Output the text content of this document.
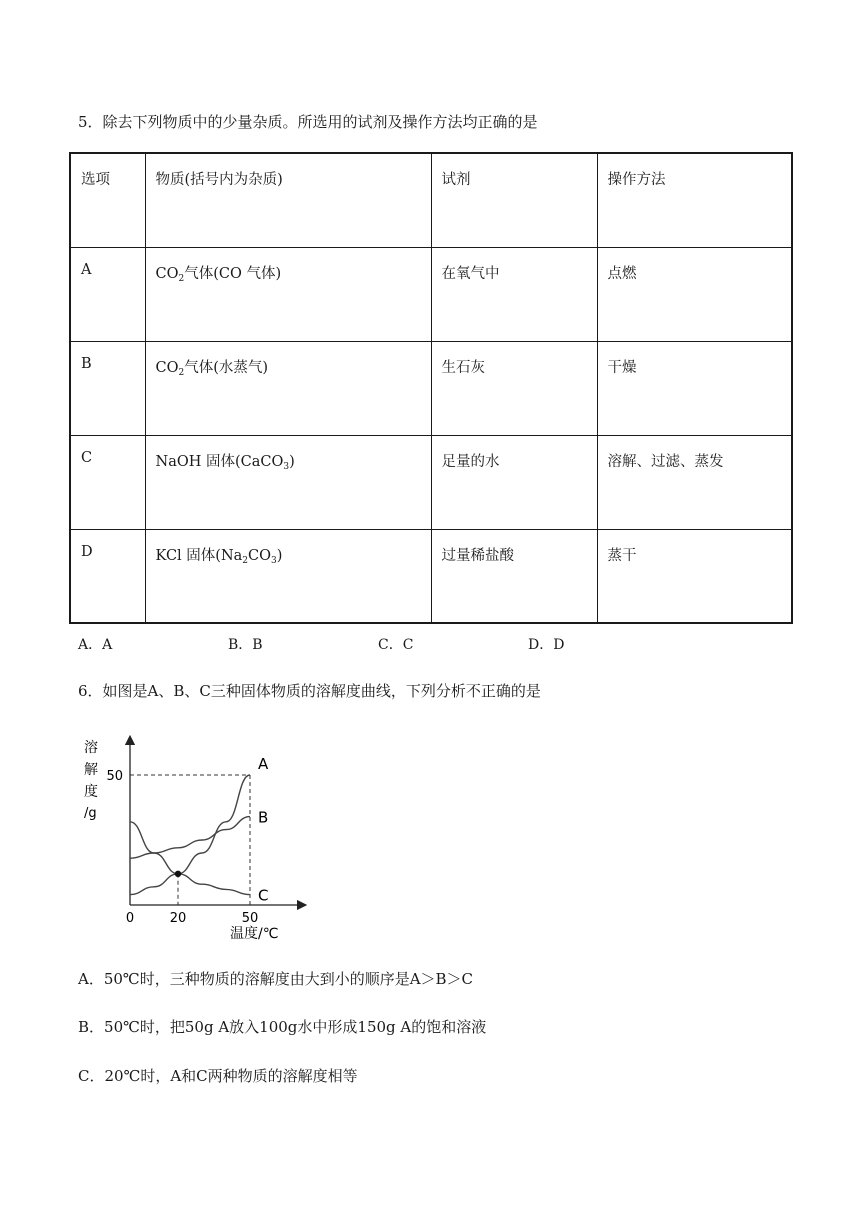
5．除去下列物质中的少量杂质。所选用的试剂及操作方法均正确的是
选项	物质(括号内为杂质)	试剂	操作方法
A	$CO_2$气体(CO 气体)	在氧气中	点燃
B	$CO_2$气体(水蒸气)	生石灰	干燥
C	NaOH 固体(CaCO$_3$)	足量的水	溶解、过滤、蒸发
D	KCl 固体$(Na_2CO_3)$	过量稀盐酸	蒸干
A．A	B．B	C．C	D．D
6．如图是A、B、C三种固体物质的溶解度曲线，下列分析不正确的是
溶
解
度
/g
温度/℃
A
B
C
0	20	50
50
A．50℃时，三种物质的溶解度由大到小的顺序是A＞B＞C
B．50℃时，把50g A放入100g水中形成150g A的饱和溶液
C．20℃时，A和C两种物质的溶解度相等
